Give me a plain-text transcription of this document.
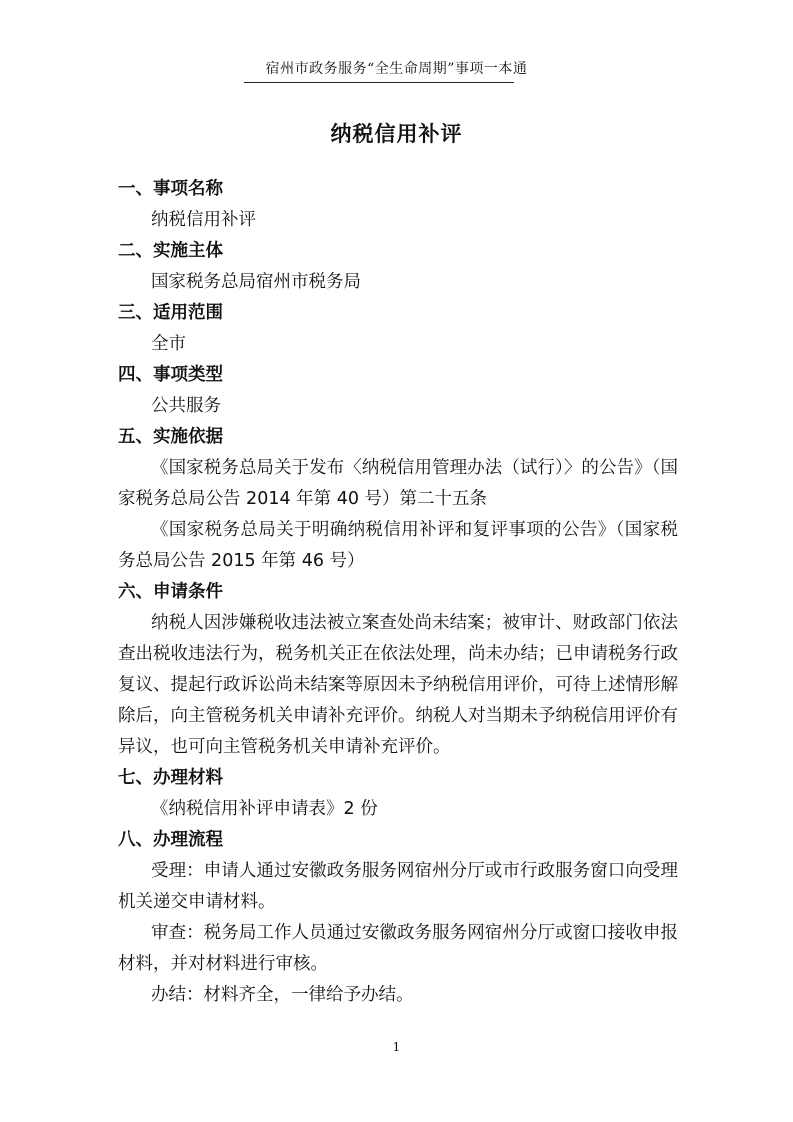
宿州市政务服务“全生命周期”事项一本通
纳税信用补评

一、事项名称

纳税信用补评

二、实施主体

国家税务总局宿州市税务局

三、适用范围

全市

四、事项类型

公共服务

五、实施依据

《国家税务总局关于发布〈纳税信用管理办法（试行）〉的公告》（国家税务总局公告 2014 年第 40 号）第二十五条

《国家税务总局关于明确纳税信用补评和复评事项的公告》（国家税务总局公告 2015 年第 46 号）

六、申请条件

纳税人因涉嫌税收违法被立案查处尚未结案；被审计、财政部门依法查出税收违法行为，税务机关正在依法处理，尚未办结；已申请税务行政复议、提起行政诉讼尚未结案等原因未予纳税信用评价，可待上述情形解除后，向主管税务机关申请补充评价。纳税人对当期未予纳税信用评价有异议，也可向主管税务机关申请补充评价。

七、办理材料

《纳税信用补评申请表》2 份

八、办理流程

受理：申请人通过安徽政务服务网宿州分厅或市行政服务窗口向受理机关递交申请材料。

审查：税务局工作人员通过安徽政务服务网宿州分厅或窗口接收申报材料，并对材料进行审核。

办结：材料齐全，一律给予办结。

1
